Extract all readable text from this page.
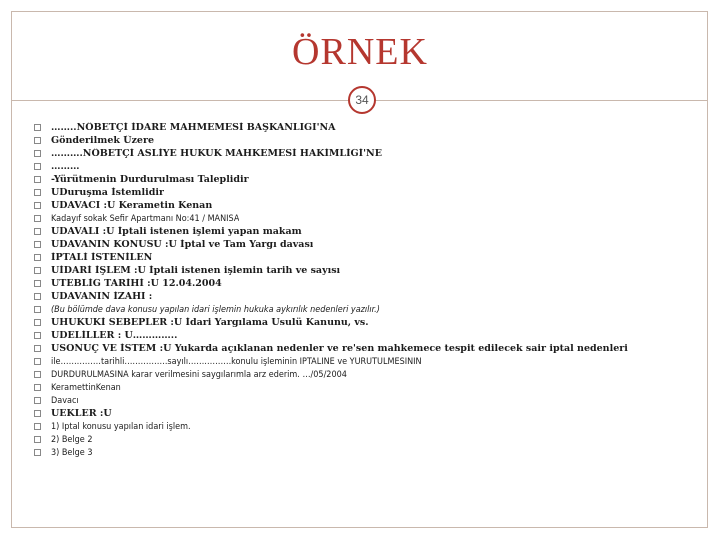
ÖRNEK
34
……..NÖBETÇİ İDARE MAHMEMESİ BAŞKANLIĞI'NA
Gönderilmek Üzere
……….NÖBETÇİ ASLİYE HUKUK MAHKEMESİ HAKİMLİĞİ'NE
………
-Yürütmenin Durdurulması Taleplidir
UDuruşma İstemlidir
UDAVACI :U Kerametin Kenan
Kadayıf sokak Sefir Apartmanı No:41 / MANİSA
UDAVALI :U İptali istenen işlemi yapan makam
UDAVANIN KONUSU :U İptal ve Tam Yargı davası
İPTALİ İSTENİLEN
UİDARİ İŞLEM :U İptali istenen işlemin tarih ve sayısı
UTEBLİĞ TARİHİ :U 12.04.2004
UDAVANIN İZAHI :
(Bu bölümde dava konusu yapılan idari işlemin hukuka aykırılık nedenleri yazılır.)
UHUKUKİ SEBEPLER :U İdari Yargılama Usulü Kanunu, vs.
UDELİLLER : U…………..
USONUÇ VE İSTEM :U Yukarda açıklanan nedenler ve re'sen mahkemece tespit edilecek sair iptal nedenleri
ile……………tarihli…………….sayılı…………….konulu işleminin İPTALİNE ve YÜRÜTÜLMESİNİN
DURDURULMASINA karar verilmesini saygılarımla arz ederim. …/05/2004
KeramettinKenan
Davacı
UEKLER :U
1) İptal konusu yapılan idari işlem.
2) Belge 2
3) Belge 3
